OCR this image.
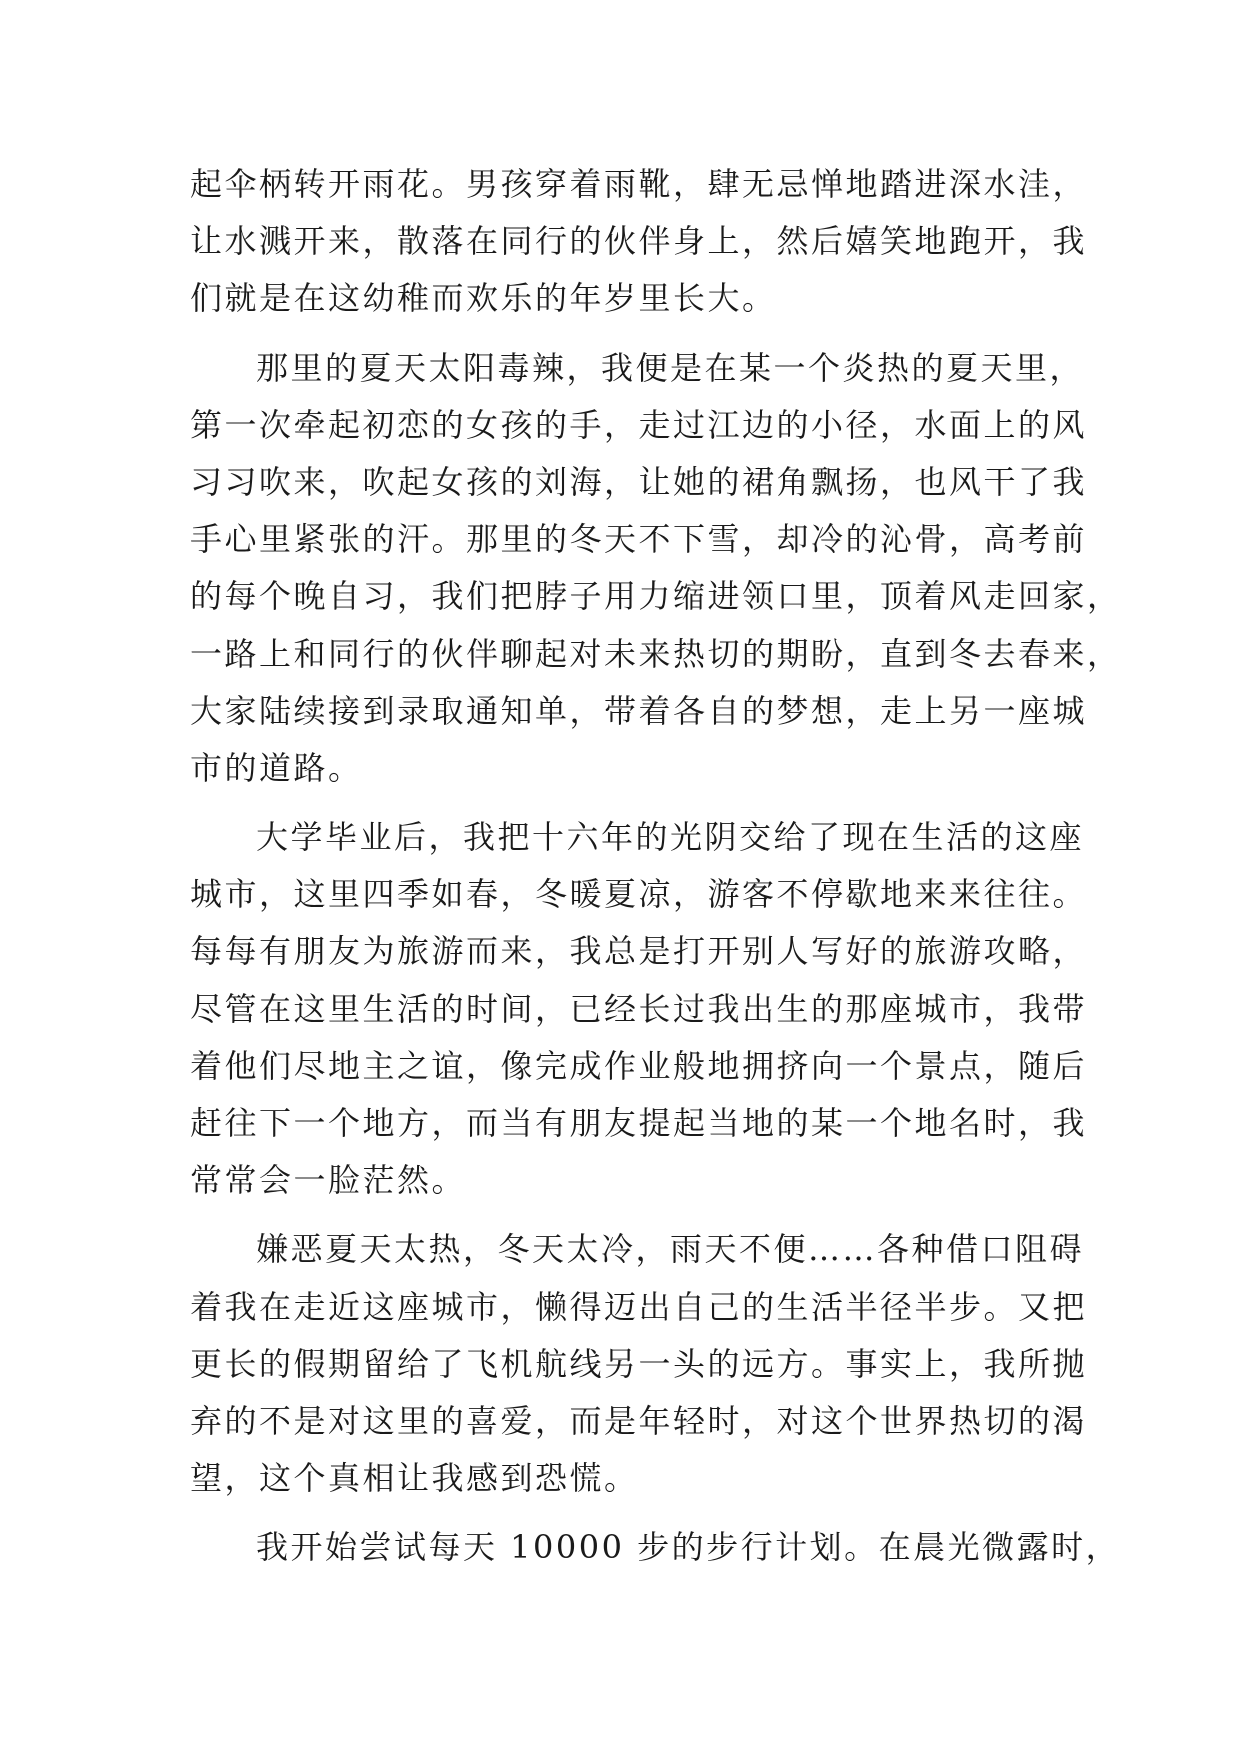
起伞柄转开雨花。男孩穿着雨靴，肆无忌惮地踏进深水洼，
让水溅开来，散落在同行的伙伴身上，然后嬉笑地跑开，我
们就是在这幼稚而欢乐的年岁里长大。
那里的夏天太阳毒辣，我便是在某一个炎热的夏天里，
第一次牵起初恋的女孩的手，走过江边的小径，水面上的风
习习吹来，吹起女孩的刘海，让她的裙角飘扬，也风干了我
手心里紧张的汗。那里的冬天不下雪，却冷的沁骨，高考前
的每个晚自习，我们把脖子用力缩进领口里，顶着风走回家，
一路上和同行的伙伴聊起对未来热切的期盼，直到冬去春来，
大家陆续接到录取通知单，带着各自的梦想，走上另一座城
市的道路。
大学毕业后，我把十六年的光阴交给了现在生活的这座
城市，这里四季如春，冬暖夏凉，游客不停歇地来来往往。
每每有朋友为旅游而来，我总是打开别人写好的旅游攻略，
尽管在这里生活的时间，已经长过我出生的那座城市，我带
着他们尽地主之谊，像完成作业般地拥挤向一个景点，随后
赶往下一个地方，而当有朋友提起当地的某一个地名时，我
常常会一脸茫然。
嫌恶夏天太热，冬天太冷，雨天不便……各种借口阻碍
着我在走近这座城市，懒得迈出自己的生活半径半步。又把
更长的假期留给了飞机航线另一头的远方。事实上，我所抛
弃的不是对这里的喜爱，而是年轻时，对这个世界热切的渴
望，这个真相让我感到恐慌。
我开始尝试每天 10000 步的步行计划。在晨光微露时，
